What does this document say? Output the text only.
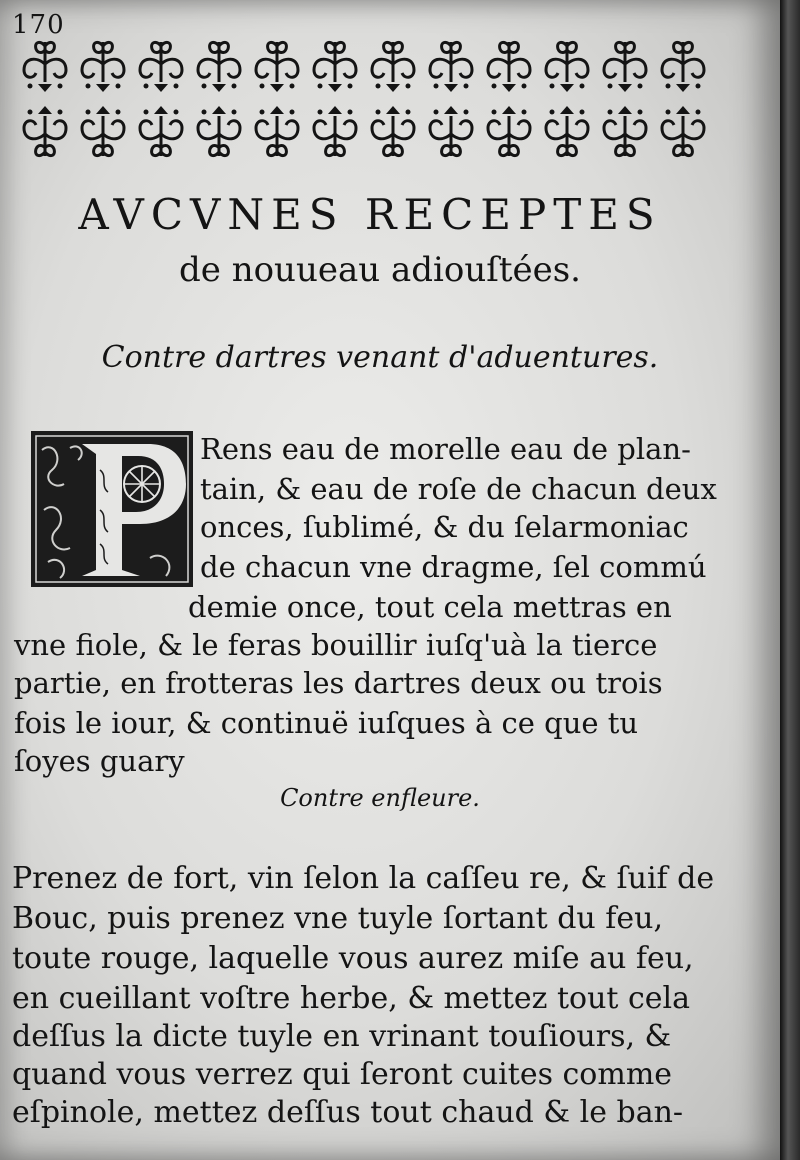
170
AVCVNES RECEPTES
de nouueau adiouſtées.
Contre dartres venant d'aduentures.
Rens eau de morelle eau de plan-
tain, & eau de roſe de chacun deux
onces, ſublimé, & du ſelarmoniac
de chacun vne dragme, ſel commú
demie once, tout cela mettras en
vne fiole, & le feras bouillir iuſq'uà la tierce
partie, en frotteras les dartres deux ou trois
fois le iour, & continuë iuſques à ce que tu
ſoyes guary
Contre enfleure.
Prenez de fort, vin ſelon la caſſeu re, & ſuif de
Bouc, puis prenez vne tuyle ſortant du feu,
toute rouge, laquelle vous aurez miſe au feu,
en cueillant voſtre herbe, & mettez tout cela
deſſus la dicte tuyle en vrinant touſiours, &
quand vous verrez qui ſeront cuites comme
eſpinole, mettez deſſus tout chaud & le ban-
